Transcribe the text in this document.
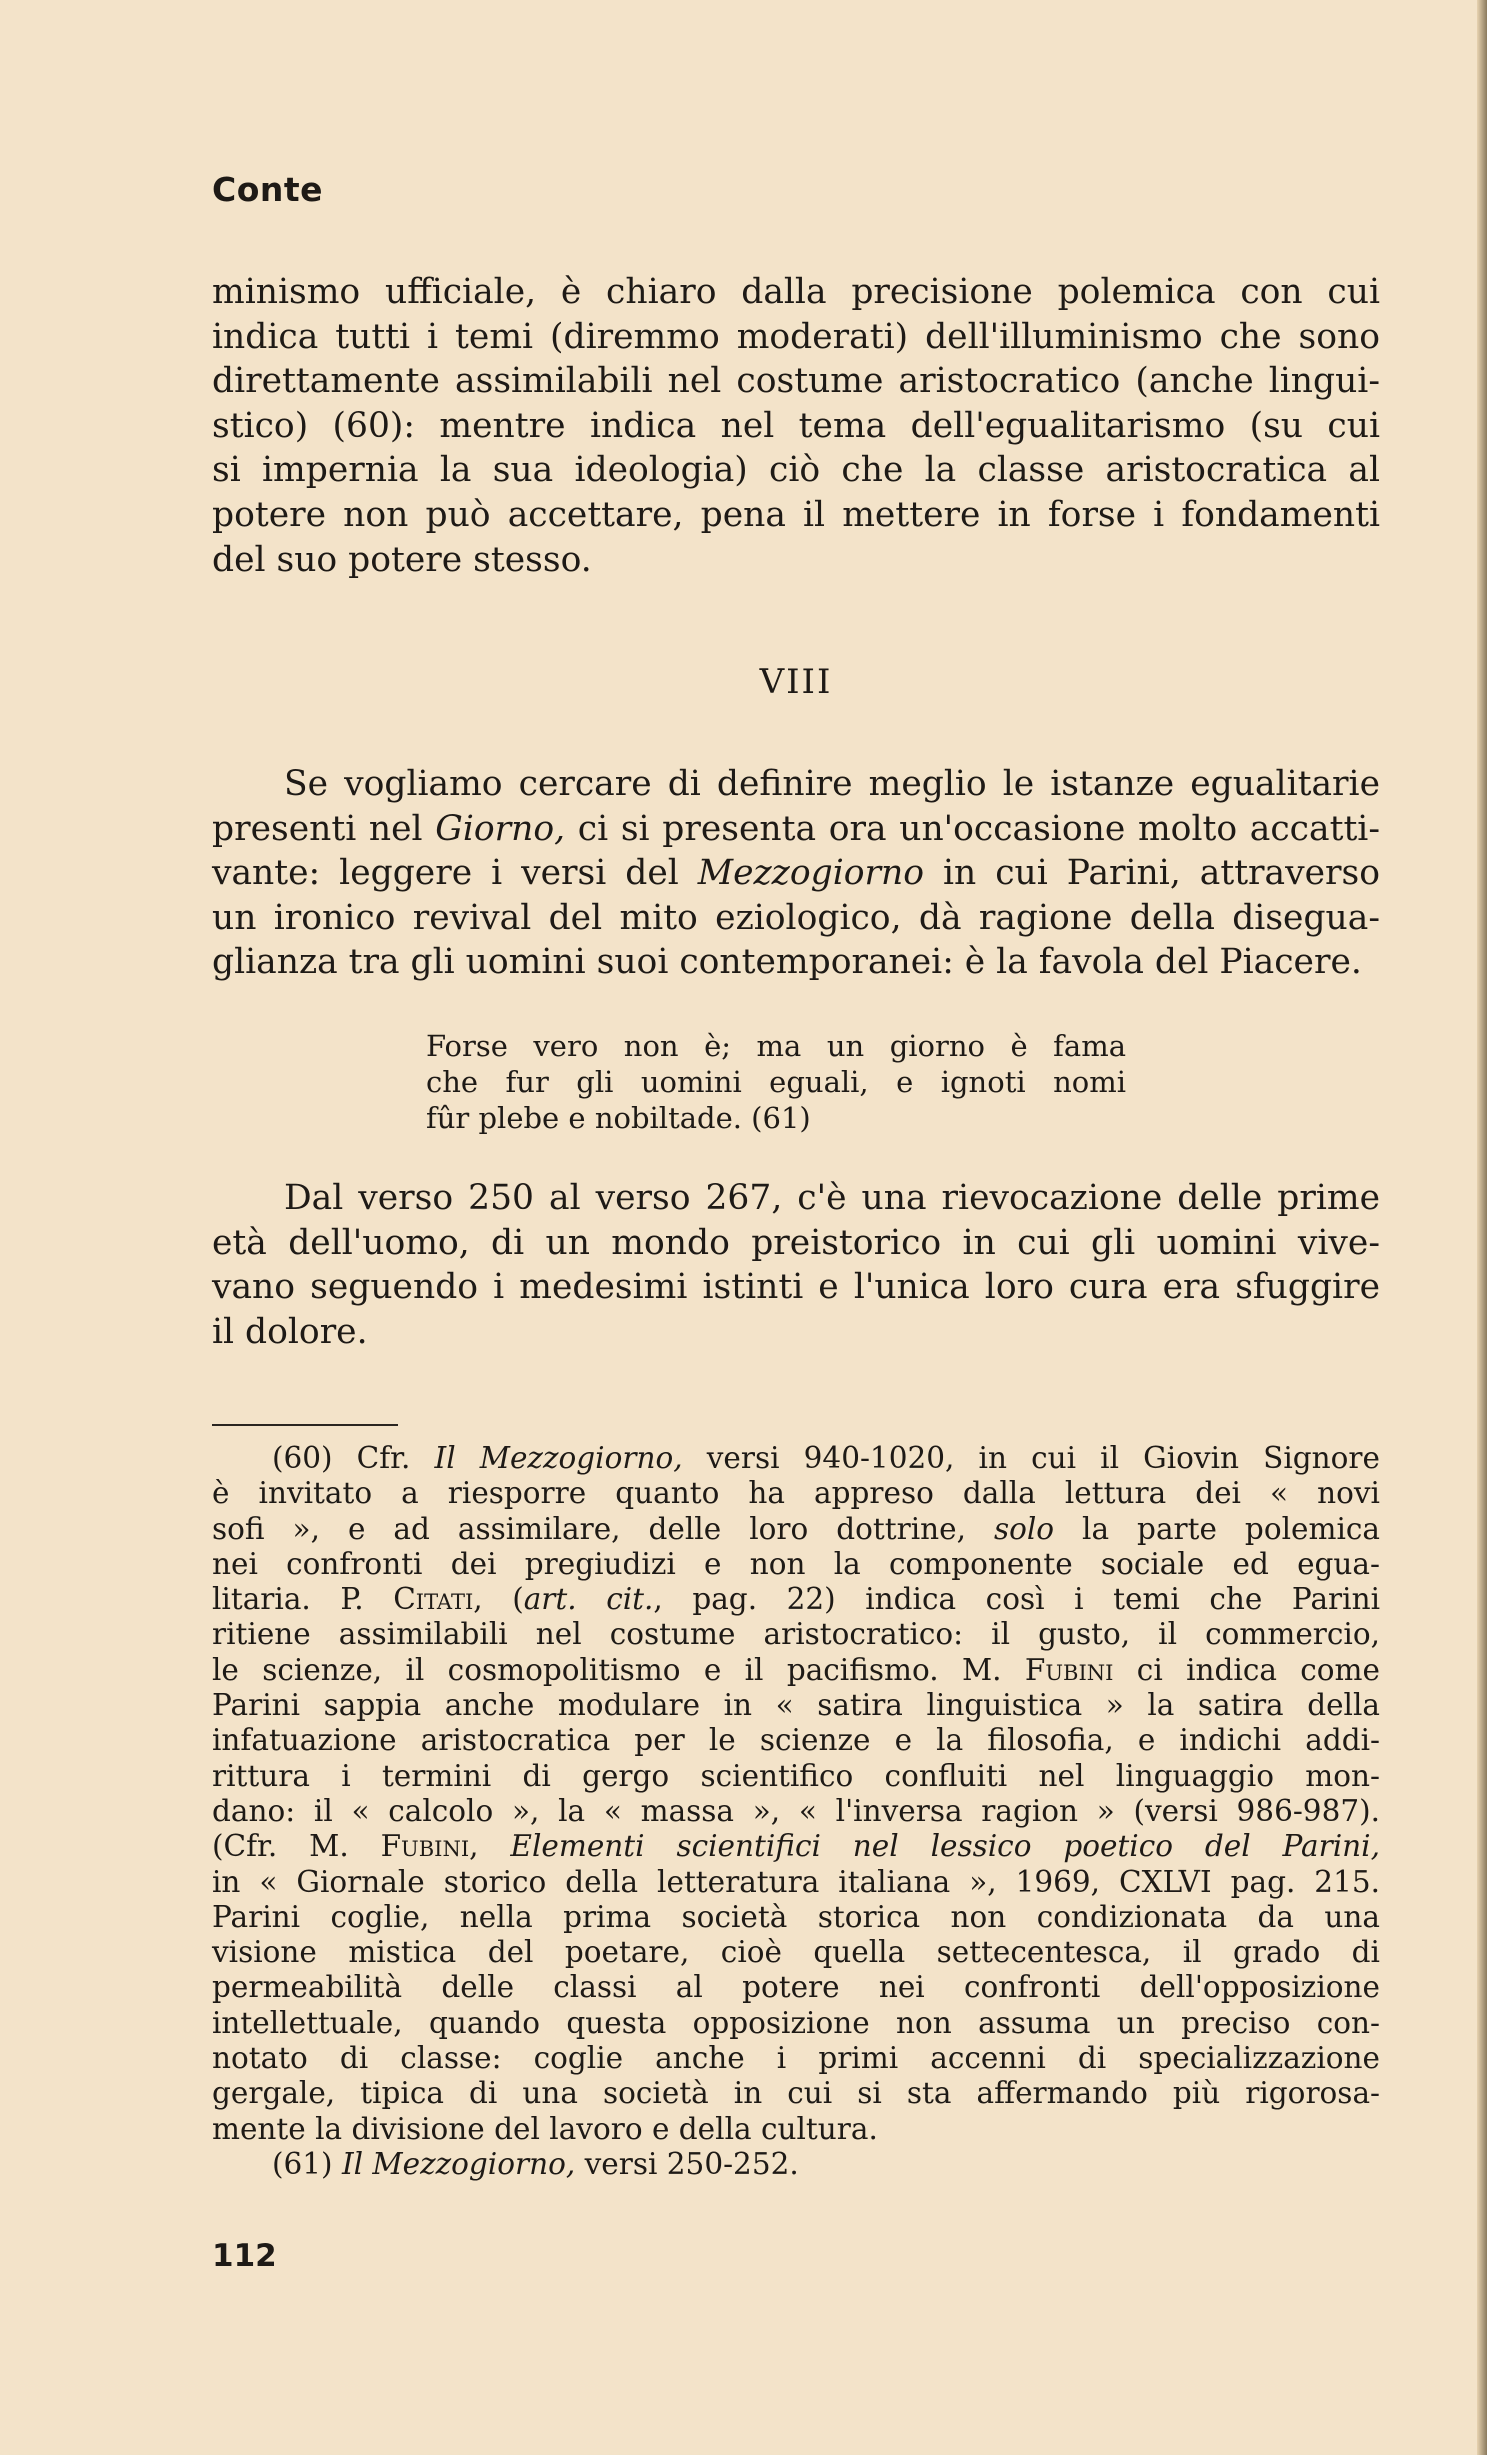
Conte
minismo ufficiale, è chiaro dalla precisione polemica con cui
indica tutti i temi (diremmo moderati) dell'illuminismo che sono
direttamente assimilabili nel costume aristocratico (anche lingui-
stico) (60): mentre indica nel tema dell'egualitarismo (su cui
si impernia la sua ideologia) ciò che la classe aristocratica al
potere non può accettare, pena il mettere in forse i fondamenti
del suo potere stesso.
VIII
Se vogliamo cercare di definire meglio le istanze egualitarie
presenti nel Giorno, ci si presenta ora un'occasione molto accatti-
vante: leggere i versi del Mezzogiorno in cui Parini, attraverso
un ironico revival del mito eziologico, dà ragione della disegua-
glianza tra gli uomini suoi contemporanei: è la favola del Piacere.
Forse vero non è; ma un giorno è fama
che fur gli uomini eguali, e ignoti nomi
fûr plebe e nobiltade. (61)
Dal verso 250 al verso 267, c'è una rievocazione delle prime
età dell'uomo, di un mondo preistorico in cui gli uomini vive-
vano seguendo i medesimi istinti e l'unica loro cura era sfuggire
il dolore.
(60) Cfr. Il Mezzogiorno, versi 940-1020, in cui il Giovin Signore
è invitato a riesporre quanto ha appreso dalla lettura dei « novi
sofi », e ad assimilare, delle loro dottrine, solo la parte polemica
nei confronti dei pregiudizi e non la componente sociale ed egua-
litaria. P. Citati, (art. cit., pag. 22) indica così i temi che Parini
ritiene assimilabili nel costume aristocratico: il gusto, il commercio,
le scienze, il cosmopolitismo e il pacifismo. M. Fubini ci indica come
Parini sappia anche modulare in « satira linguistica » la satira della
infatuazione aristocratica per le scienze e la filosofia, e indichi addi-
rittura i termini di gergo scientifico confluiti nel linguaggio mon-
dano: il « calcolo », la « massa », « l'inversa ragion » (versi 986-987).
(Cfr. M. Fubini, Elementi scientifici nel lessico poetico del Parini,
in « Giornale storico della letteratura italiana », 1969, CXLVI pag. 215.
Parini coglie, nella prima società storica non condizionata da una
visione mistica del poetare, cioè quella settecentesca, il grado di
permeabilità delle classi al potere nei confronti dell'opposizione
intellettuale, quando questa opposizione non assuma un preciso con-
notato di classe: coglie anche i primi accenni di specializzazione
gergale, tipica di una società in cui si sta affermando più rigorosa-
mente la divisione del lavoro e della cultura.
(61) Il Mezzogiorno, versi 250-252.
112
